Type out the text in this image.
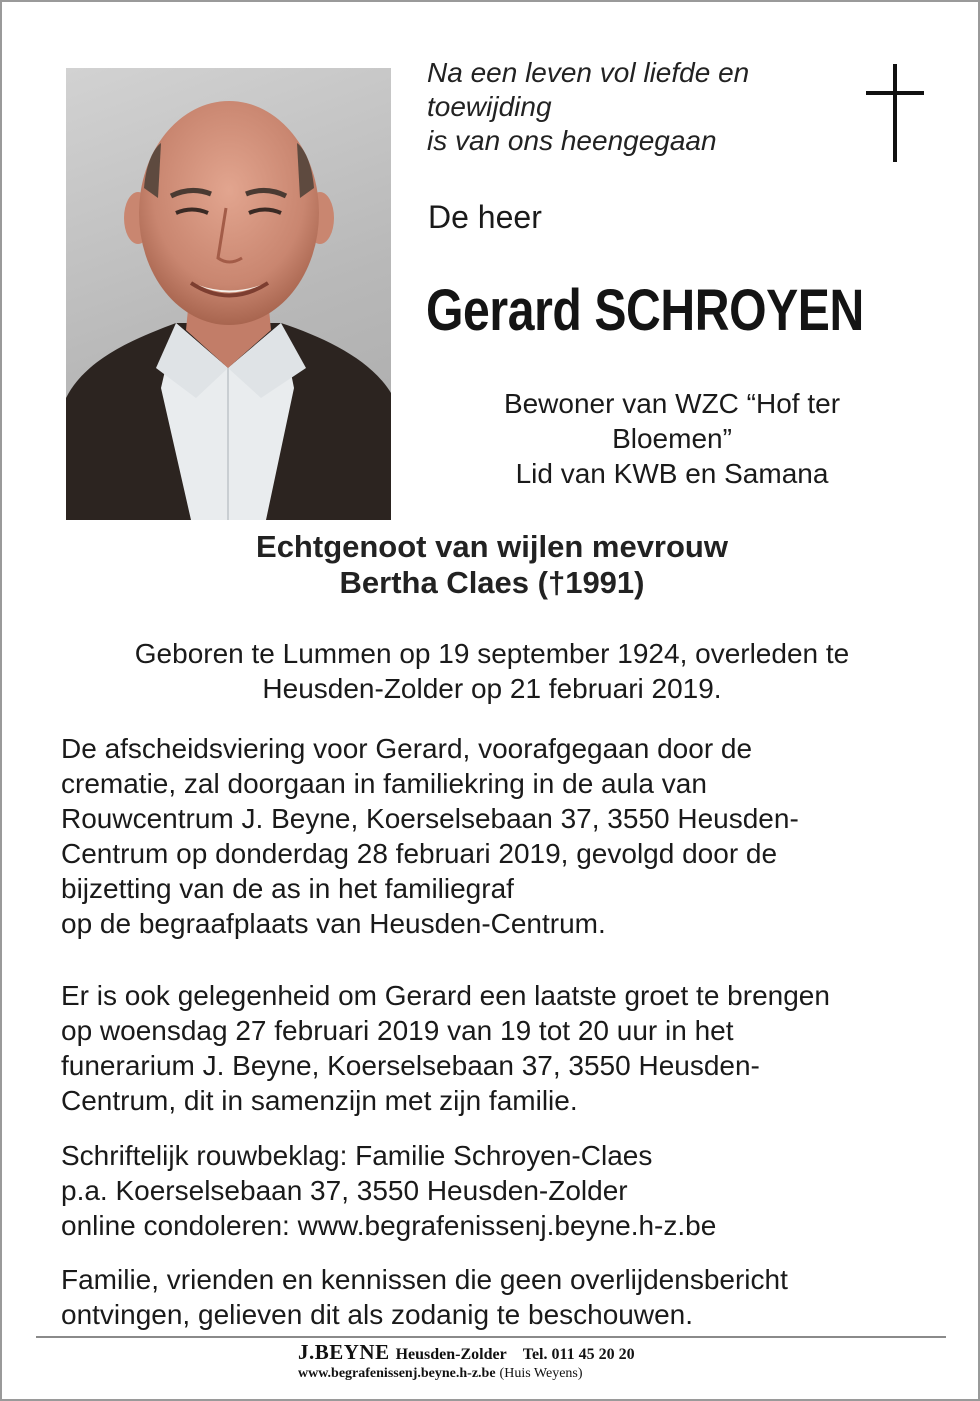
Na een leven vol liefde en
toewijding
is van ons heengegaan
De heer
Gerard SCHROYEN
Bewoner van WZC “Hof ter
Bloemen”
Lid van KWB en Samana
Echtgenoot van wijlen mevrouw
Bertha Claes (†1991)
Geboren te Lummen op 19 september 1924, overleden te
Heusden-Zolder op 21 februari 2019.
De afscheidsviering voor Gerard, voorafgegaan door de
crematie, zal doorgaan in familiekring in de aula van
Rouwcentrum J. Beyne, Koerselsebaan 37, 3550 Heusden-
Centrum op donderdag 28 februari 2019, gevolgd door de
bijzetting van de as in het familiegraf
op de begraafplaats van Heusden-Centrum.
Er is ook gelegenheid om Gerard een laatste groet te brengen
op woensdag 27 februari 2019 van 19 tot 20 uur in het
funerarium J. Beyne, Koerselsebaan 37, 3550 Heusden-
Centrum, dit in samenzijn met zijn familie.
Schriftelijk rouwbeklag: Familie Schroyen-Claes
p.a. Koerselsebaan 37, 3550 Heusden-Zolder
online condoleren: www.begrafenissenj.beyne.h-z.be
Familie, vrienden en kennissen die geen overlijdensbericht
ontvingen, gelieven dit als zodanig te beschouwen.
J.BEYNE Heusden-Zolder Tel. 011 45 20 20
www.begrafenissenj.beyne.h-z.be (Huis Weyens)
